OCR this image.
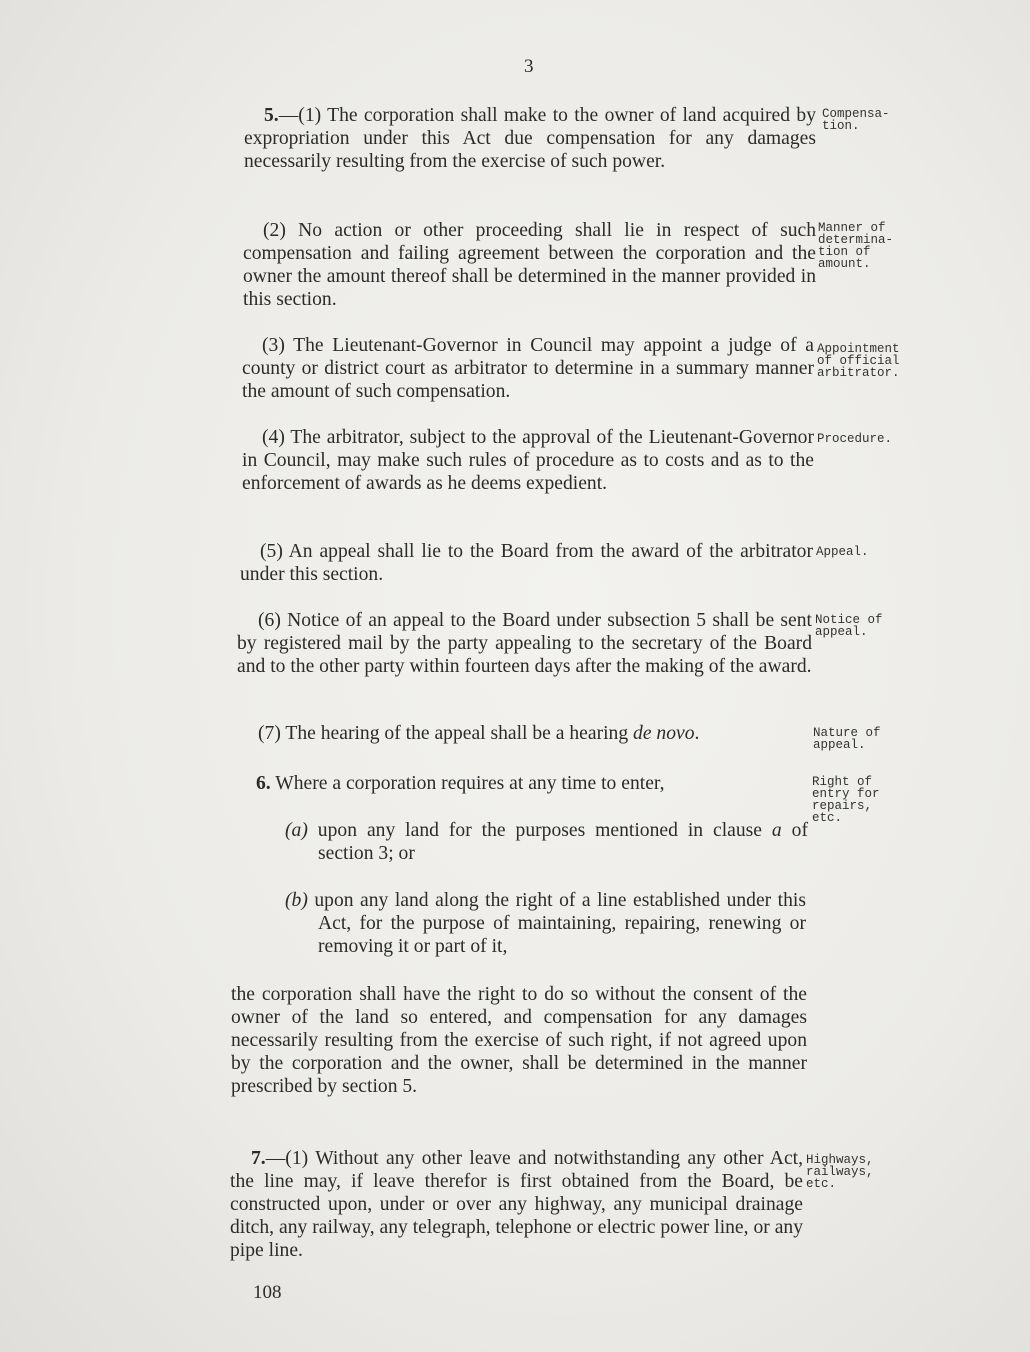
3

5.—(1) The corporation shall make to the owner of land acquired by expropriation under this Act due compensation for any damages necessarily resulting from the exercise of such power.

Compensa-
tion.

(2) No action or other proceeding shall lie in respect of such compensation and failing agreement between the corporation and the owner the amount thereof shall be determined in the manner provided in this section.

Manner of
determina-
tion of
amount.

(3) The Lieutenant-Governor in Council may appoint a judge of a county or district court as arbitrator to determine in a summary manner the amount of such compensation.

Appointment
of official
arbitrator.

(4) The arbitrator, subject to the approval of the Lieutenant-Governor in Council, may make such rules of procedure as to costs and as to the enforcement of awards as he deems expedient.

Procedure.

(5) An appeal shall lie to the Board from the award of the arbitrator under this section.

Appeal.

(6) Notice of an appeal to the Board under subsection 5 shall be sent by registered mail by the party appealing to the secretary of the Board and to the other party within fourteen days after the making of the award.

Notice of
appeal.

(7) The hearing of the appeal shall be a hearing de novo.	Nature of
appeal.

6. Where a corporation requires at any time to enter,	Right of
entry for
repairs,
etc.

(a) upon any land for the purposes mentioned in clause a of section 3; or

(b) upon any land along the right of a line established under this Act, for the purpose of maintaining, repairing, renewing or removing it or part of it,

the corporation shall have the right to do so without the consent of the owner of the land so entered, and compensation for any damages necessarily resulting from the exercise of such right, if not agreed upon by the corporation and the owner, shall be determined in the manner prescribed by section 5.

7.—(1) Without any other leave and notwithstanding any other Act, the line may, if leave therefor is first obtained from the Board, be constructed upon, under or over any highway, any municipal drainage ditch, any railway, any telegraph, telephone or electric power line, or any pipe line.

Highways,
railways,
etc.
108
